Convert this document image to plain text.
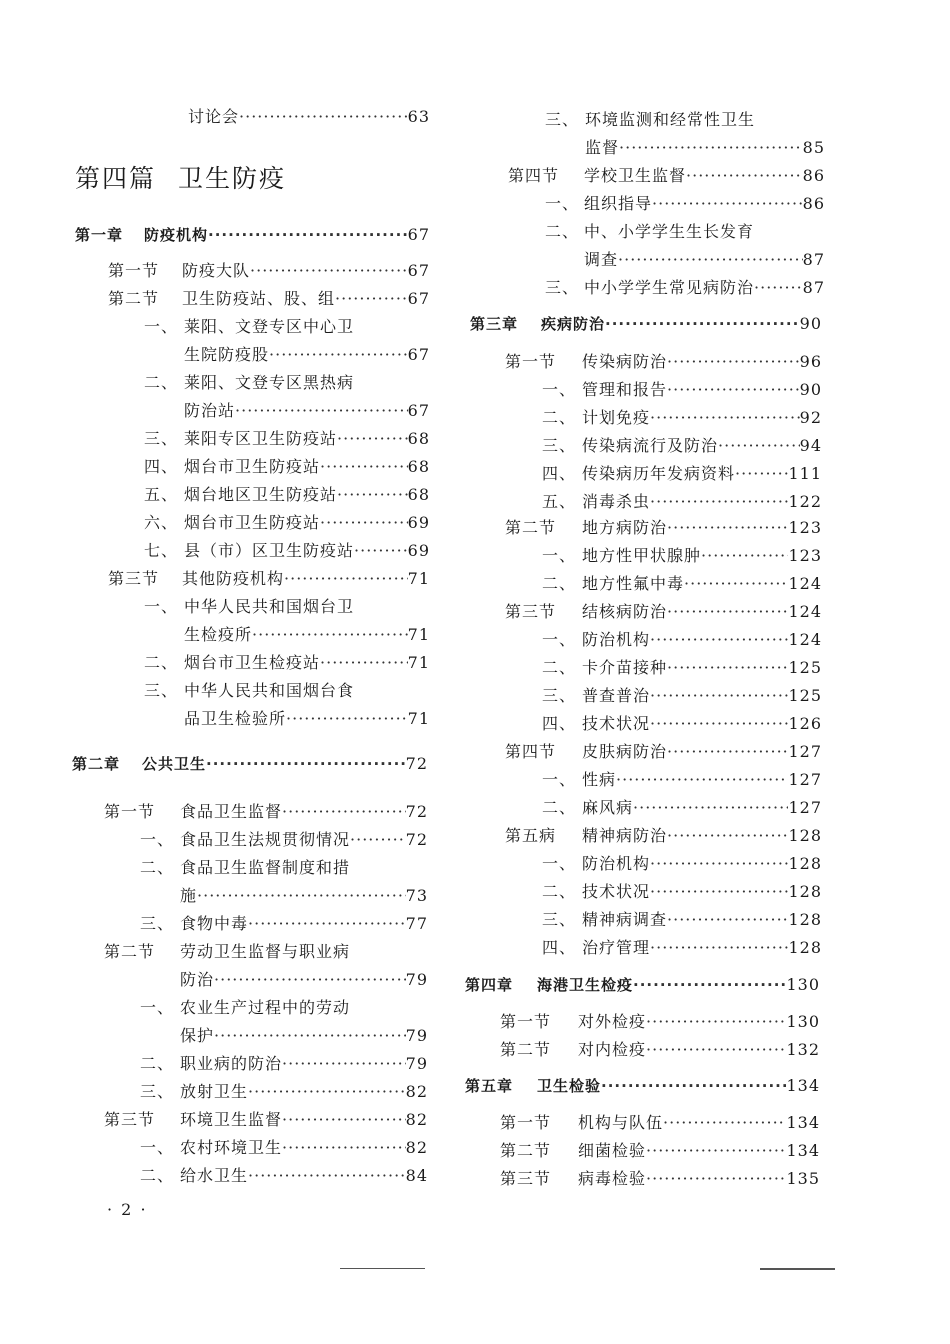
第四篇 卫生防疫
讨论会 ·····	63
第一章 防疫机构 ·····	67
第一节 防疫大队 ·····	67
第二节 卫生防疫站、股、组 ·····	67
一、 莱阳、文登专区中心卫
生院防疫股 ·····	67
二、 莱阳、文登专区黑热病
防治站 ·····	67
三、 莱阳专区卫生防疫站 ·····	68
四、 烟台市卫生防疫站 ·····	68
五、 烟台地区卫生防疫站 ·····	68
六、 烟台市卫生防疫站 ·····	69
七、 县（市）区卫生防疫站 ·····	69
第三节 其他防疫机构 ·····	71
一、 中华人民共和国烟台卫
生检疫所 ·····	71
二、 烟台市卫生检疫站 ·····	71
三、 中华人民共和国烟台食
品卫生检验所 ·····	71
第二章 公共卫生 ·····	72
第一节 食品卫生监督 ·····	72
一、 食品卫生法规贯彻情况 ·····	72
二、 食品卫生监督制度和措
施 ·····	73
三、 食物中毒 ·····	77
第二节 劳动卫生监督与职业病
防治 ·····	79
一、 农业生产过程中的劳动
保护 ·····	79
二、 职业病的防治 ·····	79
三、 放射卫生 ·····	82
第三节 环境卫生监督 ·····	82
一、 农村环境卫生 ·····	82
二、 给水卫生 ·····	84
三、 环境监测和经常性卫生
监督 ·····	85
第四节 学校卫生监督 ·····	86
一、 组织指导 ·····	86
二、 中、小学学生生长发育
调查 ·····	87
三、 中小学学生常见病防治 ·····	87
第三章 疾病防治 ·····	90
第一节 传染病防治 ·····	96
一、 管理和报告 ·····	90
二、 计划免疫 ·····	92
三、 传染病流行及防治 ·····	94
四、 传染病历年发病资料 ·····	111
五、 消毒杀虫 ·····	122
第二节 地方病防治 ·····	123
一、 地方性甲状腺肿 ·····	123
二、 地方性氟中毒 ·····	124
第三节 结核病防治 ·····	124
一、 防治机构 ·····	124
二、 卡介苗接种 ·····	125
三、 普查普治 ·····	125
四、 技术状况 ·····	126
第四节 皮肤病防治 ·····	127
一、 性病 ·····	127
二、 麻风病 ·····	127
第五病 精神病防治 ·····	128
一、 防治机构 ·····	128
二、 技术状况 ·····	128
三、 精神病调查 ·····	128
四、 治疗管理 ·····	128
第四章 海港卫生检疫 ·····	130
第一节 对外检疫 ·····	130
第二节 对内检疫 ·····	132
第五章 卫生检验 ·····	134
第一节 机构与队伍 ·····	134
第二节 细菌检验 ·····	134
第三节 病毒检验 ·····	135
· 2 ·
